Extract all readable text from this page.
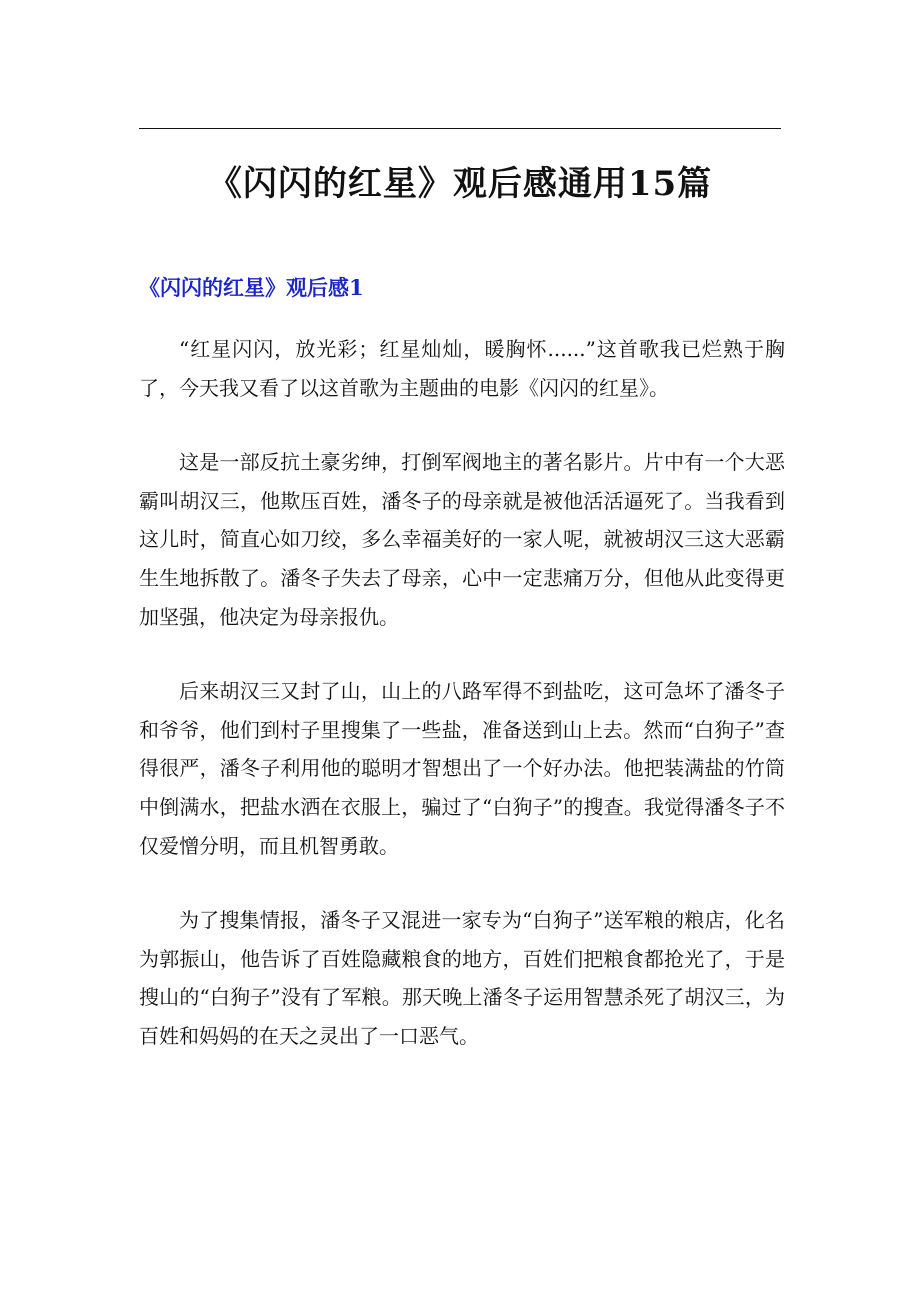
《闪闪的红星》观后感通用15篇
《闪闪的红星》观后感1

“红星闪闪，放光彩；红星灿灿，暖胸怀......”这首歌我已烂熟于胸了，今天我又看了以这首歌为主题曲的电影《闪闪的红星》。

这是一部反抗土豪劣绅，打倒军阀地主的著名影片。片中有一个大恶霸叫胡汉三，他欺压百姓，潘冬子的母亲就是被他活活逼死了。当我看到这儿时，简直心如刀绞，多么幸福美好的一家人呢，就被胡汉三这大恶霸生生地拆散了。潘冬子失去了母亲，心中一定悲痛万分，但他从此变得更加坚强，他决定为母亲报仇。

后来胡汉三又封了山，山上的八路军得不到盐吃，这可急坏了潘冬子和爷爷，他们到村子里搜集了一些盐，准备送到山上去。然而“白狗子”查得很严，潘冬子利用他的聪明才智想出了一个好办法。他把装满盐的竹筒中倒满水，把盐水洒在衣服上，骗过了“白狗子”的搜查。我觉得潘冬子不仅爱憎分明，而且机智勇敢。

为了搜集情报，潘冬子又混进一家专为“白狗子”送军粮的粮店，化名为郭振山，他告诉了百姓隐藏粮食的地方，百姓们把粮食都抢光了，于是搜山的“白狗子”没有了军粮。那天晚上潘冬子运用智慧杀死了胡汉三，为百姓和妈妈的在天之灵出了一口恶气。
